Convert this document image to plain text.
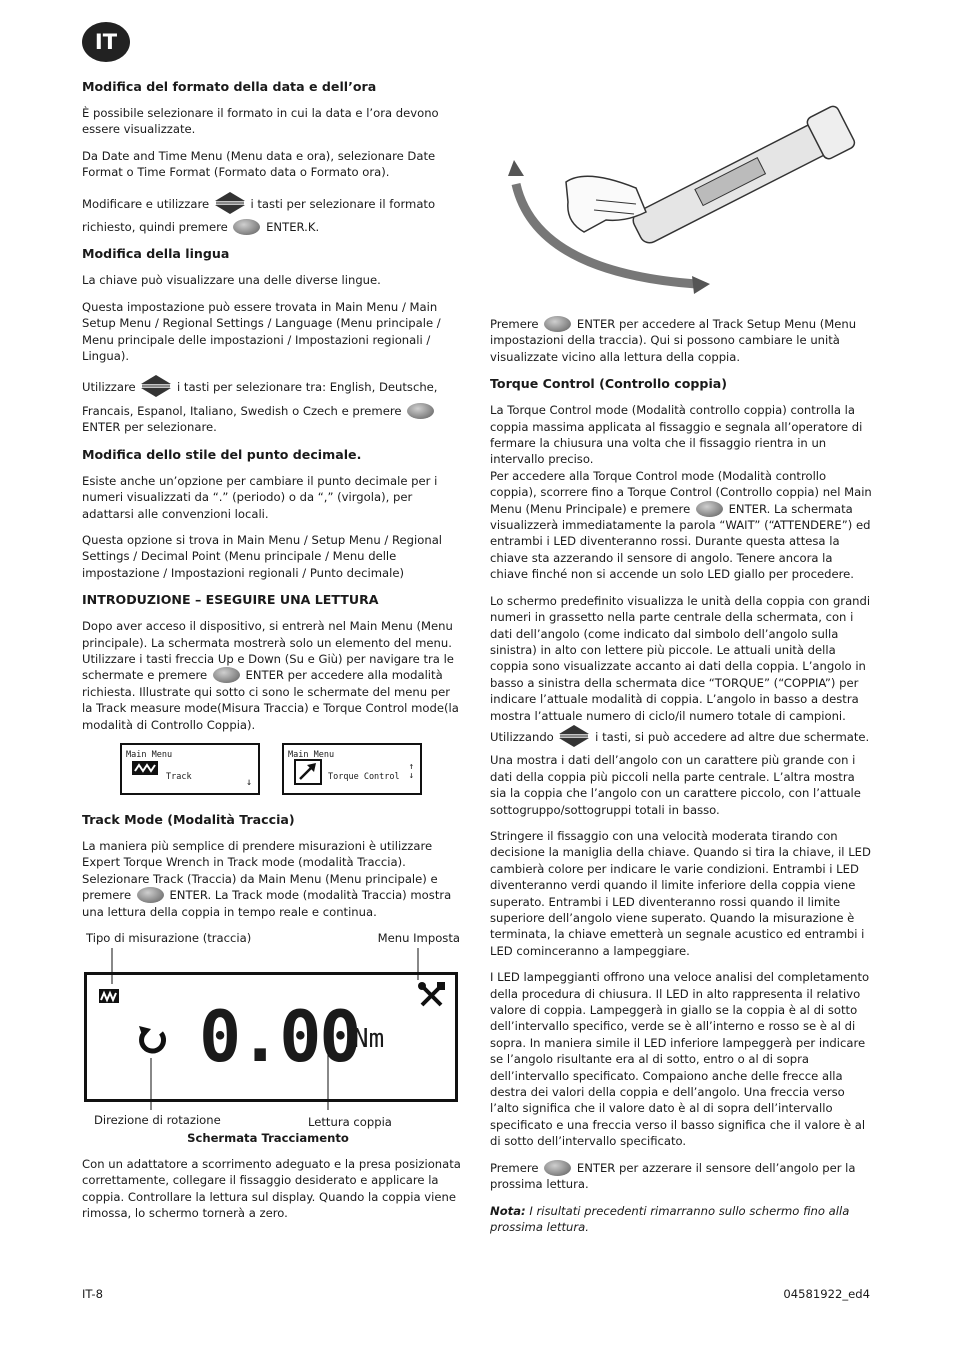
IT
Modifica del formato della data e dell’ora

È possibile selezionare il formato in cui la data e l’ora devono essere visualizzate.

Da Date and Time Menu (Menu data e ora), selezionare Date Format o Time Format (Formato data o Formato ora).

Modificare e utilizzare	i tasti per selezionare il formato richiesto, quindi premere	ENTER.K.

Modifica della lingua

La chiave può visualizzare una delle diverse lingue.

Questa impostazione può essere trovata in Main Menu / Main Setup Menu / Regional Settings / Language (Menu principale / Menu principale delle impostazioni / Impostazioni regionali / Lingua).

Utilizzare	i tasti per selezionare tra: English, Deutsche, Francais, Espanol, Italiano, Swedish o Czech e premere  ENTER per selezionare.

Modifica dello stile del punto decimale.

Esiste anche un’opzione per cambiare il punto decimale per i numeri visualizzati da “.” (periodo) o da “,” (virgola), per adattarsi alle convenzioni locali.

Questa opzione si trova in Main Menu / Setup Menu / Regional Settings / Decimal Point (Menu principale / Menu delle impostazione / Impostazioni regionali / Punto decimale)

INTRODUZIONE – ESEGUIRE UNA LETTURA

Dopo aver acceso il dispositivo, si entrerà nel Main Menu (Menu principale). La schermata mostrerà solo un elemento del menu. Utilizzare i tasti freccia Up e Down (Su e Giù) per navigare tra le schermate e premere	ENTER per accedere alla modalità richiesta. Illustrate qui sotto ci sono le schermate del menu per la Track measure mode(Misura Traccia) e Torque Control mode(la modalità di Controllo Coppia).

Main Menu
Track	↓
Main Menu
Torque Control
↑
↓
Track Mode (Modalità Traccia)

La maniera più semplice di prendere misurazioni è utilizzare Expert Torque Wrench in Track mode (modalità Traccia). Selezionare Track (Traccia) da Main Menu (Menu principale) e premere	ENTER. La Track mode (modalità Traccia) mostra una lettura della coppia in tempo reale e continua.

Tipo di misurazione (traccia)	Menu Imposta
0.00
Nm
Direzione di rotazione	Lettura coppia
Schermata Tracciamento

Con un adattatore a scorrimento adeguato e la presa posizionata correttamente, collegare il fissaggio desiderato e applicare la coppia. Controllare la lettura sul display. Quando la coppia viene rimossa, lo schermo tornerà a zero.

Premere	ENTER per accedere al Track Setup Menu (Menu impostazioni della traccia). Qui si possono cambiare le unità visualizzate vicino alla lettura della coppia.

Torque Control (Controllo coppia)

La Torque Control mode (Modalità controllo coppia) controlla la coppia massima applicata al fissaggio e segnala all’operatore di fermare la chiusura una volta che il fissaggio rientra in un intervallo preciso.

Per accedere alla Torque Control mode (Modalità controllo coppia), scorrere fino a Torque Control (Controllo coppia) nel Main Menu (Menu Principale) e premere	ENTER. La schermata visualizzerà immediatamente la parola “WAIT” (“ATTENDERE”) ed entrambi i LED diventeranno rossi. Durante questa attesa la chiave sta azzerando il sensore di angolo. Tenere ancora la chiave finché non si accende un solo LED giallo per procedere.

Lo schermo predefinito visualizza le unità della coppia con grandi numeri in grassetto nella parte centrale della schermata, con i dati dell’angolo (come indicato dal simbolo dell’angolo sulla sinistra) in alto con lettere più piccole. Le attuali unità della coppia sono visualizzate accanto ai dati della coppia. L’angolo in basso a sinistra della schermata dice “TORQUE” (“COPPIA”) per indicare l’attuale modalità di coppia. L’angolo in basso a destra mostra l’attuale numero di ciclo/il numero totale di campioni. Utilizzando	i tasti, si può accedere ad altre due schermate. Una mostra i dati dell’angolo con un carattere più grande con i dati della coppia più piccoli nella parte centrale. L’altra mostra sia la coppia che l’angolo con un carattere piccolo, con l’attuale sottogruppo/sottogruppi totali in basso.

Stringere il fissaggio con una velocità moderata tirando con decisione la maniglia della chiave. Quando si tira la chiave, il LED cambierà colore per indicare le varie condizioni. Entrambi i LED diventeranno verdi quando il limite inferiore della coppia viene superato. Entrambi i LED diventeranno rossi quando il limite superiore dell’angolo viene superato. Quando la misurazione è terminata, la chiave emetterà un segnale acustico ed entrambi i LED cominceranno a lampeggiare.

I LED lampeggianti offrono una veloce analisi del completamento della procedura di chiusura. Il LED in alto rappresenta il relativo valore di coppia. Lampeggerà in giallo se la coppia è al di sotto dell’intervallo specifico, verde se è all’interno e rosso se è al di sopra. In maniera simile il LED inferiore lampeggerà per indicare se l’angolo risultante era al di sotto, entro o al di sopra dell’intervallo specificato. Compaiono anche delle frecce alla destra dei valori della coppia e dell’angolo. Una freccia verso l’alto significa che il valore dato è al di sopra dell’intervallo specificato e una freccia verso il basso significa che il valore è al di sotto dell’intervallo specificato.

Premere	ENTER per azzerare il sensore dell’angolo per la prossima lettura.

Nota: I risultati precedenti rimarranno sullo schermo fino alla prossima lettura.

IT-8	04581922_ed4
